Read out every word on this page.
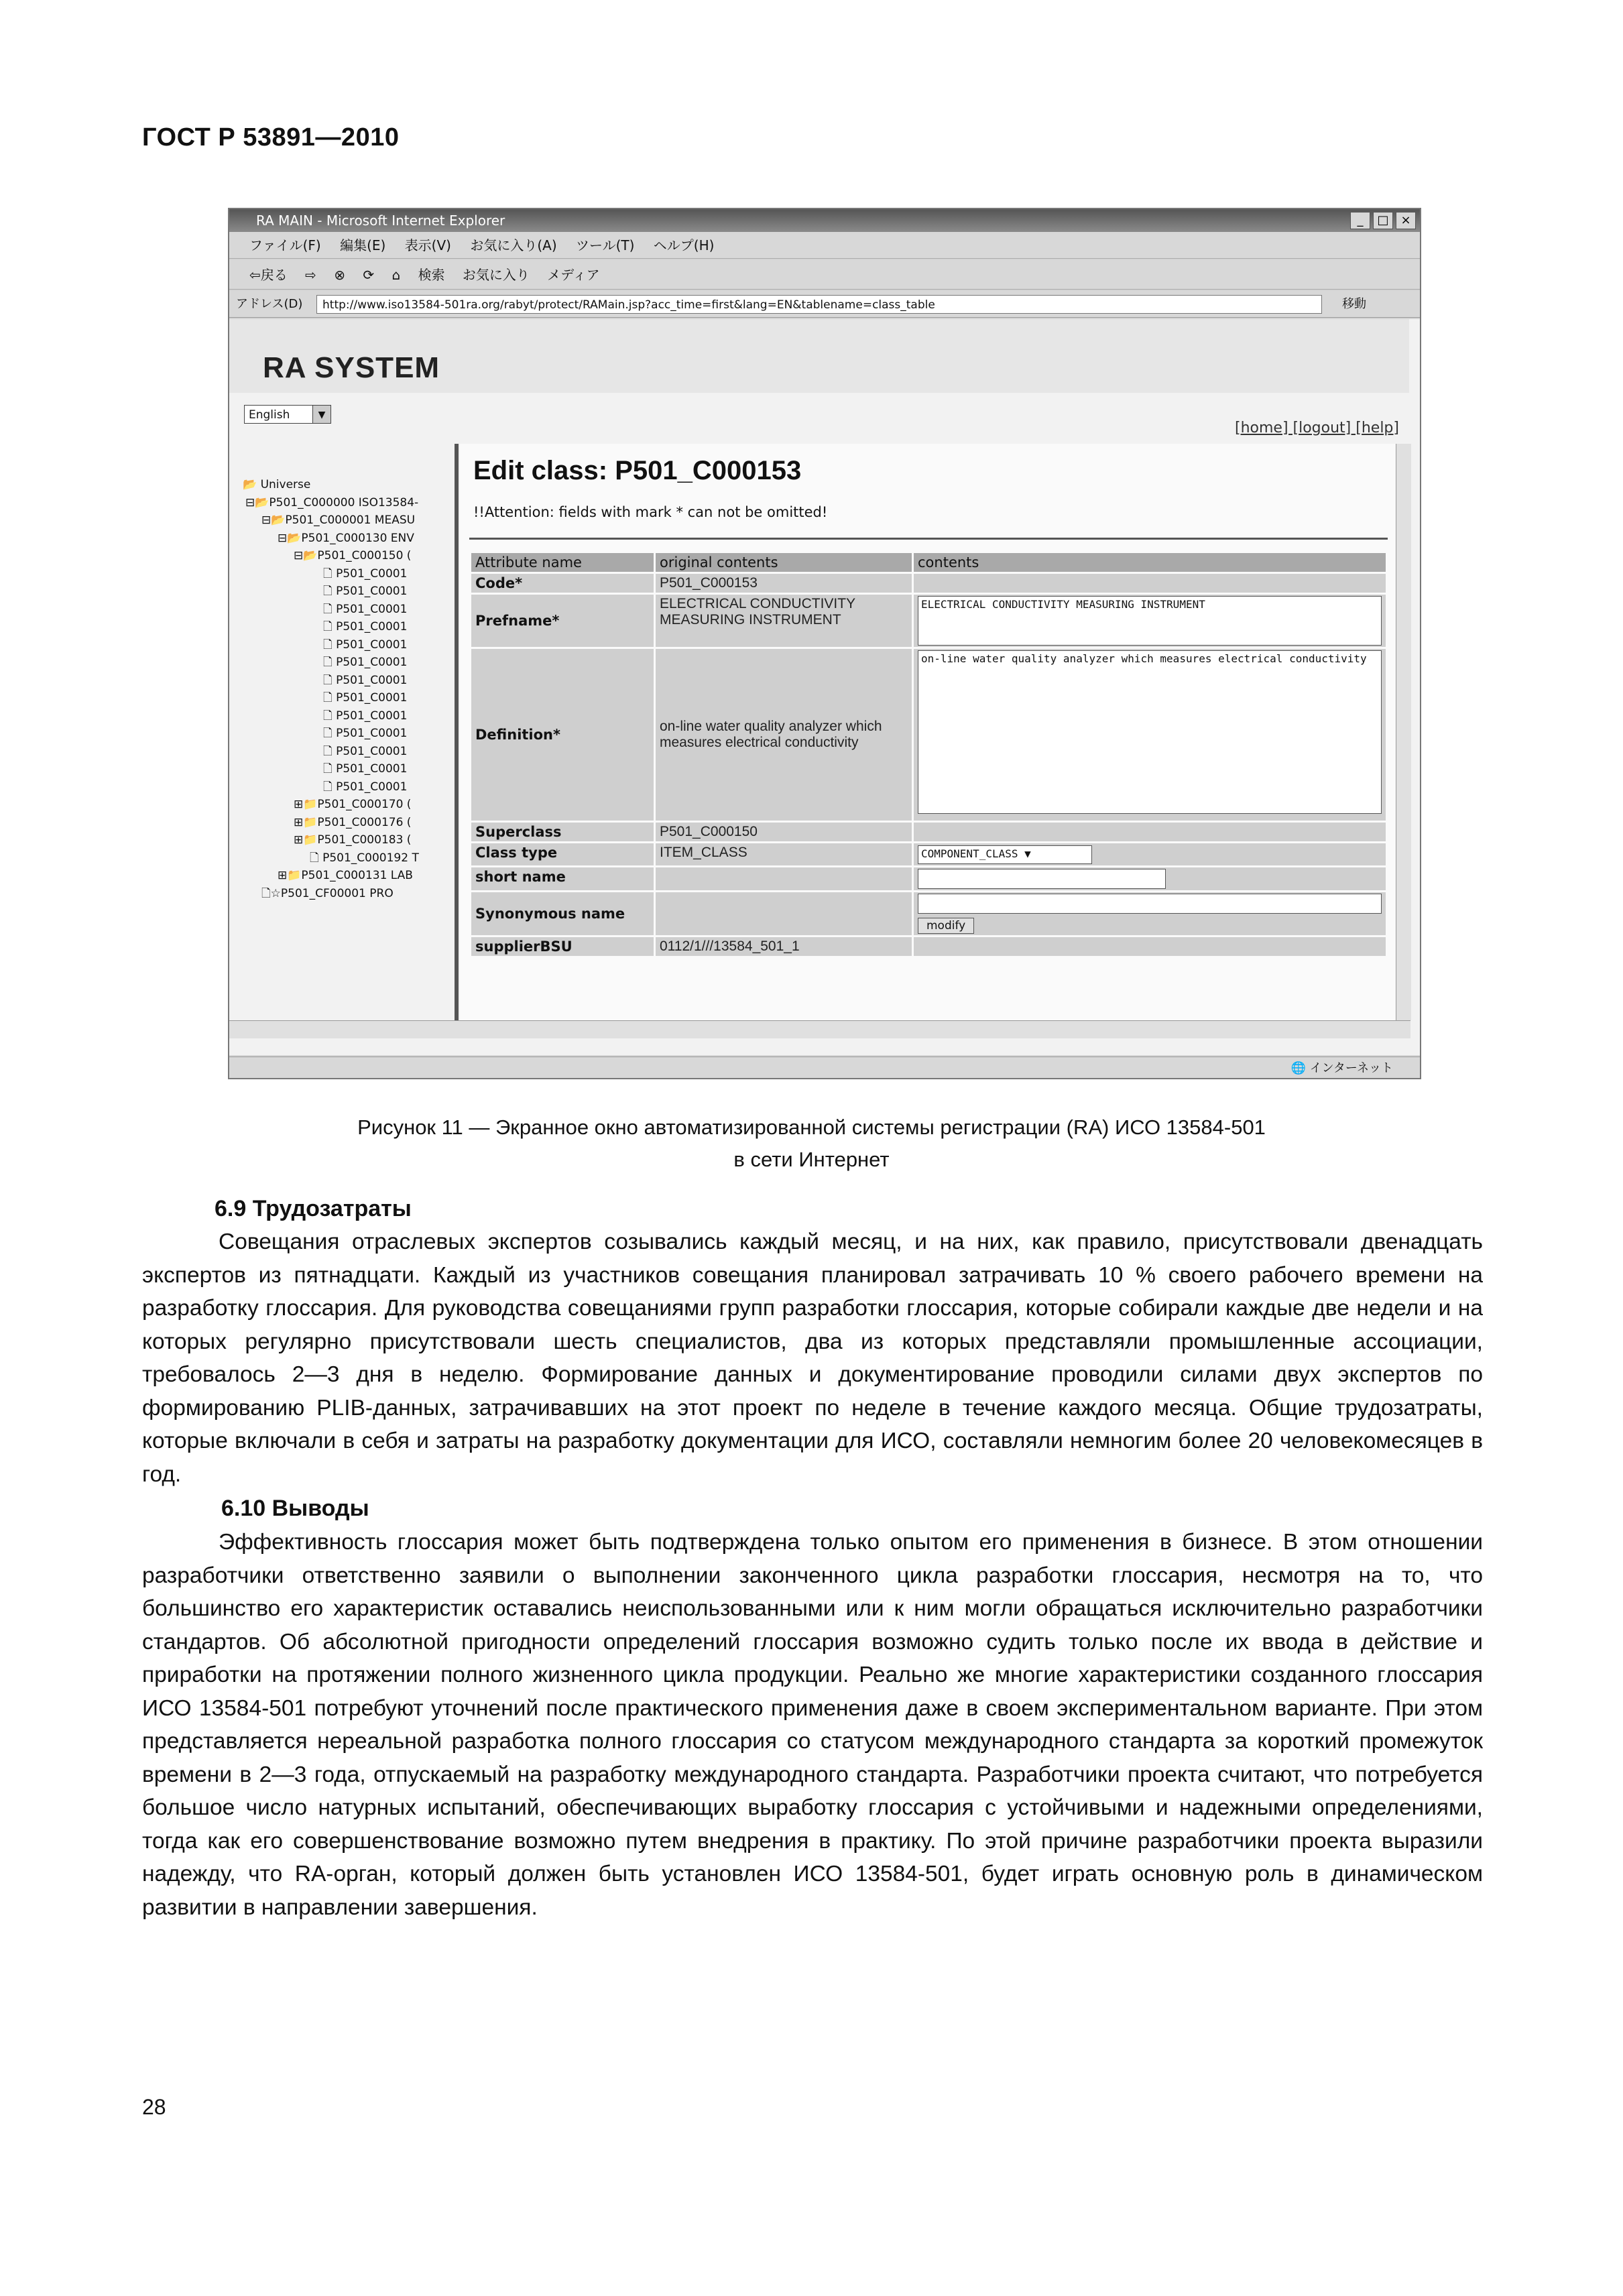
ГОСТ Р 53891—2010
RA MAIN - Microsoft Internet Explorer	_	□ ×
ファイル(F) 編集(E) 表示(V) お気に入り(A) ツール(T) ヘルプ(H)
⇦戻る ⇨ ⊗ ⟳ ⌂ 検索 お気に入り メディア
アドレス(D)	http://www.iso13584-501ra.org/rabyt/protect/RAMain.jsp?acc_time=first&lang=EN&tablename=class_table	移動
RA SYSTEM
English	▼
[home] [logout] [help]
📂 Universe
⊟📂P501_C000000 ISO13584-
⊟📂P501_C000001 MEASU
⊟📂P501_C000130 ENV
⊟📂P501_C000150 (
🗋 P501_C0001
🗋 P501_C0001
🗋 P501_C0001
🗋 P501_C0001
🗋 P501_C0001
🗋 P501_C0001
🗋 P501_C0001
🗋 P501_C0001
🗋 P501_C0001
🗋 P501_C0001
🗋 P501_C0001
🗋 P501_C0001
🗋 P501_C0001
⊞📁P501_C000170 (
⊞📁P501_C000176 (
⊞📁P501_C000183 (
🗋 P501_C000192 T
⊞📁P501_C000131 LAB
🗋☆P501_CF00001 PRO
Edit class: P501_C000153
!!Attention: fields with mark * can not be omitted!
Attribute name	original contents	contents
Code*	P501_C000153	
Prefname*	ELECTRICAL CONDUCTIVITY MEASURING INSTRUMENT	ELECTRICAL CONDUCTIVITY MEASURING INSTRUMENT

Definition*	on-line water quality analyzer which measures electrical conductivity	on-line water quality analyzer which measures electrical conductivity

Superclass	P501_C000150	
Class type	ITEM_CLASS	COMPONENT_CLASS ▼
short name		

Synonymous name		modify
supplierBSU	0112/1///13584_501_1	
🌐 インターネット
Рисунок 11 — Экранное окно автоматизированной системы регистрации (RA) ИСО 13584-501
в сети Интернет
6.9 Трудозатраты

Совещания отраслевых экспертов созывались каждый месяц, и на них, как правило, присутствовали двенадцать экспертов из пятнадцати. Каждый из участников совещания планировал затрачивать 10 % своего рабочего времени на разработку глоссария. Для руководства совещаниями групп разработки глоссария, которые собирали каждые две недели и на которых регулярно присутствовали шесть специалистов, два из которых представляли промышленные ассоциации, требовалось 2—3 дня в неделю. Формирование данных и документирование проводили силами двух экспертов по формированию PLIB-данных, затрачивавших на этот проект по неделе в течение каждого месяца. Общие трудозатраты, которые включали в себя и затраты на разработку документации для ИСО, составляли немногим более 20 человекомесяцев в год.

6.10 Выводы

Эффективность глоссария может быть подтверждена только опытом его применения в бизнесе. В этом отношении разработчики ответственно заявили о выполнении законченного цикла разработки глоссария, несмотря на то, что большинство его характеристик оставались неиспользованными или к ним могли обращаться исключительно разработчики стандартов. Об абсолютной пригодности определений глоссария возможно судить только после их ввода в действие и приработки на протяжении полного жизненного цикла продукции. Реально же многие характеристики созданного глоссария ИСО 13584-501 потребуют уточнений после практического применения даже в своем экспериментальном варианте. При этом представляется нереальной разработка полного глоссария со статусом международного стандарта за короткий промежуток времени в 2—3 года, отпускаемый на разработку международного стандарта. Разработчики проекта считают, что потребуется большое число натурных испытаний, обеспечивающих выработку глоссария с устойчивыми и надежными определениями, тогда как его совершенствование возможно путем внедрения в практику. По этой причине разработчики проекта выразили надежду, что RA-орган, который должен быть установлен ИСО 13584-501, будет играть основную роль в динамическом развитии в направлении завершения.

28
